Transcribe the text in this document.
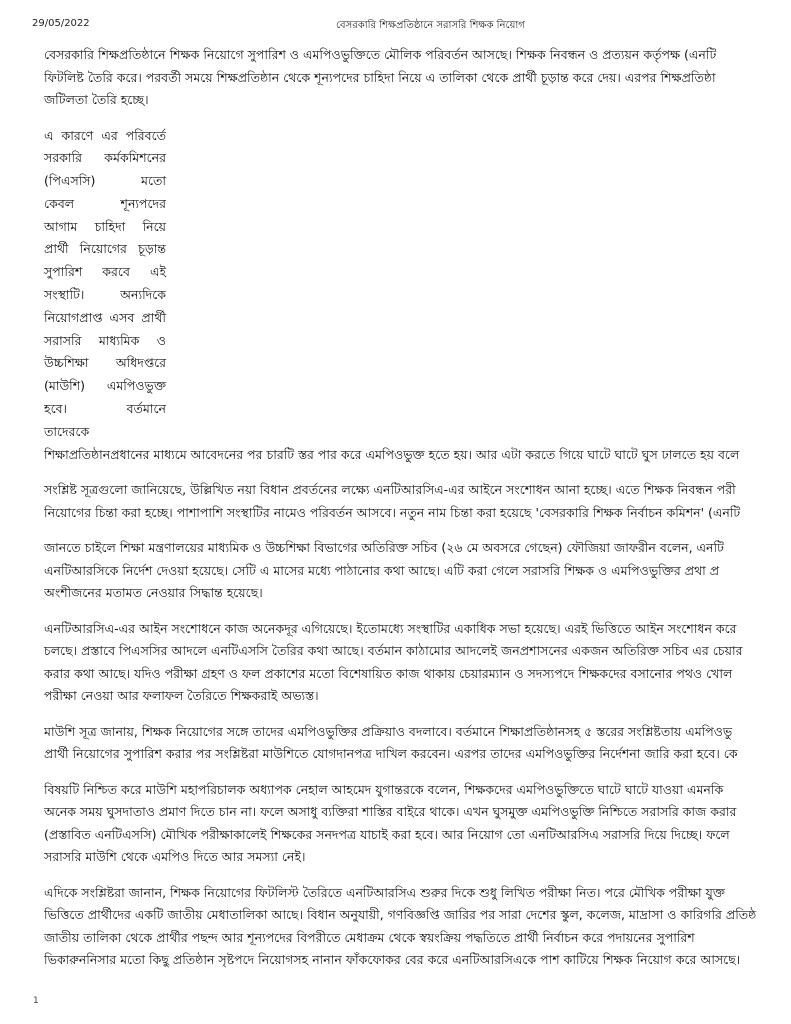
29/05/2022	বেসরকারি শিক্ষপ্রতিষ্ঠানে সরাসরি শিক্ষক নিয়োগ

বেসরকারি শিক্ষপ্রতিষ্ঠানে শিক্ষক নিয়োগে সুপারিশ ও এমপিওভুক্তিতে মৌলিক পরিবর্তন আসছে। শিক্ষক নিবন্ধন ও প্রত্যয়ন কর্তৃপক্ষ (এনটি
ফিটলিষ্ট তৈরি করে। পরবর্তী সময়ে শিক্ষপ্রতিষ্ঠান থেকে শূন্যপদের চাহিদা নিয়ে এ তালিকা থেকে প্রার্থী চূড়ান্ত করে দেয়। এরপর শিক্ষপ্রতিষ্ঠা
জটিলতা তৈরি হচ্ছে।

এ কারণে এর পরিবর্তে
সরকারি কর্মকমিশনের
(পিএসসি) মতো
কেবল শূন্যপদের
আগাম চাহিদা নিয়ে
প্রার্থী নিয়োগের চূড়ান্ত
সুপারিশ করবে এই
সংস্থাটি। অন্যদিকে
নিয়োগপ্রাপ্ত এসব প্রার্থী
সরাসরি মাধ্যমিক ও
উচ্চশিক্ষা অধিদপ্তরে
(মাউশি) এমপিওভুক্ত
হবে। বর্তমানে
তাদেরকে

শিক্ষাপ্রতিষ্ঠানপ্রধানের মাধ্যমে আবেদনের পর চারটি স্তর পার করে এমপিওভুক্ত হতে হয়। আর এটা করতে গিয়ে ঘাটে ঘাটে ঘুস ঢালতে হয় বলে

সংশ্লিষ্ট সূত্রগুলো জানিয়েছে, উল্লিখিত নয়া বিধান প্রবর্তনের লক্ষ্যে এনটিআরসিএ-এর আইনে সংশোধন আনা হচ্ছে। এতে শিক্ষক নিবন্ধন পরী
নিয়োগের চিন্তা করা হচ্ছে। পাশাপাশি সংস্থাটির নামেও পরিবর্তন আসবে। নতুন নাম চিন্তা করা হয়েছে 'বেসরকারি শিক্ষক নির্বাচন কমিশন' (এনটি

জানতে চাইলে শিক্ষা মন্ত্রণালয়ের মাধ্যমিক ও উচ্চশিক্ষা বিভাগের অতিরিক্ত সচিব (২৬ মে অবসরে গেছেন) ফৌজিয়া জাফরীন বলেন, এনটি
এনটিআরসিকে নির্দেশ দেওয়া হয়েছে। সেটি এ মাসের মধ্যে পাঠানোর কথা আছে। এটি করা গেলে সরাসরি শিক্ষক ও এমপিওভুক্তির প্রথা প্র
অংশীজনের মতামত নেওয়ার সিদ্ধান্ত হয়েছে।

এনটিআরসিএ-এর আইন সংশোধনে কাজ অনেকদূর এগিয়েছে। ইতোমধ্যে সংস্থাটির একাধিক সভা হয়েছে। এরই ভিত্তিতে আইন সংশোধন করে
চলছে। প্রস্তাবে পিএসসির আদলে এনটিএসসি তৈরির কথা আছে। বর্তমান কাঠামোর আদলেই জনপ্রশাসনের একজন অতিরিক্ত সচিব এর চেয়ার
করার কথা আছে। যদিও পরীক্ষা গ্রহণ ও ফল প্রকাশের মতো বিশেষায়িত কাজ থাকায় চেয়ারম্যান ও সদস্যপদে শিক্ষকদের বসানোর পথও খোল
পরীক্ষা নেওয়া আর ফলাফল তৈরিতে শিক্ষকরাই অভ্যস্ত।

মাউশি সূত্র জানায়, শিক্ষক নিয়োগের সঙ্গে তাদের এমপিওভুক্তির প্রক্রিয়াও বদলাবে। বর্তমানে শিক্ষাপ্রতিষ্ঠানসহ ৫ স্তরের সংশ্লিষ্টতায় এমপিওভু
প্রার্থী নিয়োগের সুপারিশ করার পর সংশ্লিষ্টরা মাউশিতে যোগদানপত্র দাখিল করবেন। এরপর তাদের এমপিওভুক্তির নির্দেশনা জারি করা হবে। কে

বিষয়টি নিশ্চিত করে মাউশি মহাপরিচালক অধ্যাপক নেহাল আহমেদ যুগান্তরকে বলেন, শিক্ষকদের এমপিওভুক্তিতে ঘাটে ঘাটে যাওয়া এমনকি
অনেক সময় ঘুসদাতাও প্রমাণ দিতে চান না। ফলে অসাধু ব্যক্তিরা শাস্তির বাইরে থাকে। এখন ঘুসমুক্ত এমপিওভুক্তি নিশ্চিতে সরাসরি কাজ করার
(প্রস্তাবিত এনটিএসসি) মৌখিক পরীক্ষাকালেই শিক্ষকের সনদপত্র যাচাই করা হবে। আর নিয়োগ তো এনটিআরসিএ সরাসরি দিয়ে দিচ্ছে। ফলে
সরাসরি মাউশি থেকে এমপিও দিতে আর সমস্যা নেই।

এদিকে সংশ্লিষ্টরা জানান, শিক্ষক নিয়োগের ফিটলিস্ট তৈরিতে এনটিআরসিএ শুরুর দিকে শুধু লিখিত পরীক্ষা নিত। পরে মৌখিক পরীক্ষা যুক্ত
ভিত্তিতে প্রার্থীদের একটি জাতীয় মেধাতালিকা আছে। বিধান অনুযায়ী, গণবিজ্ঞপ্তি জারির পর সারা দেশের স্কুল, কলেজ, মাদ্রাসা ও কারিগরি প্রতিষ্ঠ
জাতীয় তালিকা থেকে প্রার্থীর পছন্দ আর শূন্যপদের বিপরীতে মেধাক্রম থেকে স্বয়ংক্রিয় পদ্ধতিতে প্রার্থী নির্বাচন করে পদায়নের সুপারিশ
ভিকারুননিসার মতো কিছু প্রতিষ্ঠান সৃষ্টপদে নিয়োগসহ নানান ফাঁকফোকর বের করে এনটিআরসিএকে পাশ কাটিয়ে শিক্ষক নিয়োগ করে আসছে।

1
